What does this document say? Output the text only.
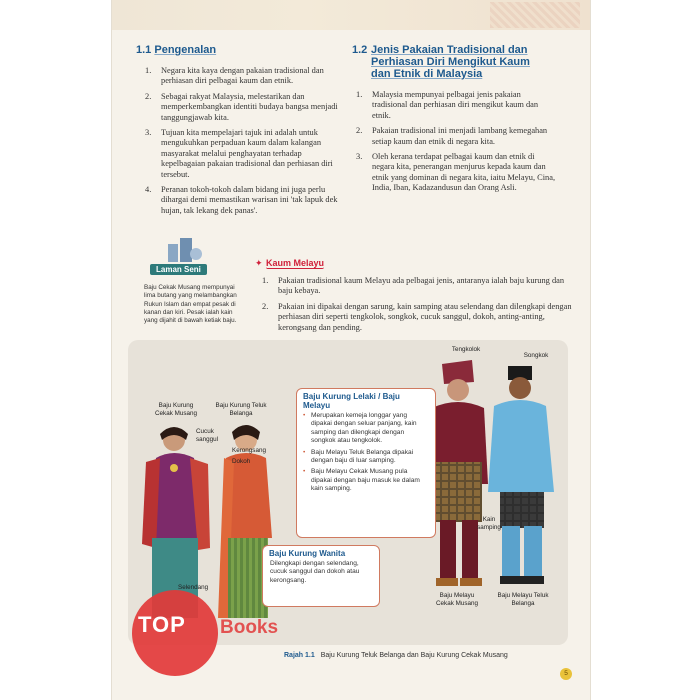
1.1 Pengenalan
1.	Negara kita kaya dengan pakaian tradisional dan perhiasan diri pelbagai kaum dan etnik.
2.	Sebagai rakyat Malaysia, melestarikan dan memperkembangkan identiti budaya bangsa menjadi tanggungjawab kita.
3.	Tujuan kita mempelajari tajuk ini adalah untuk mengukuhkan perpaduan kaum dalam kalangan masyarakat melalui penghayatan terhadap kepelbagaian pakaian tradisional dan perhiasan diri tersebut.
4.	Peranan tokoh-tokoh dalam bidang ini juga perlu dihargai demi memastikan warisan ini 'tak lapuk dek hujan, tak lekang dek panas'.
1.2 Jenis Pakaian Tradisional dan Perhiasan Diri Mengikut Kaum dan Etnik di Malaysia
1.	Malaysia mempunyai pelbagai jenis pakaian tradisional dan perhiasan diri mengikut kaum dan etnik.
2.	Pakaian tradisional ini menjadi lambang kemegahan setiap kaum dan etnik di negara kita.
3.	Oleh kerana terdapat pelbagai kaum dan etnik di negara kita, penerangan menjurus kepada kaum dan etnik yang dominan di negara kita, iaitu Melayu, Cina, India, Iban, Kadazandusun dan Orang Asli.
Laman Seni
Baju Cekak Musang mempunyai lima butang yang melambangkan Rukun Islam dan empat pesak di kanan dan kiri. Pesak ialah kain yang dijahit di bawah ketiak baju.
✦ Kaum Melayu
1.	Pakaian tradisional kaum Melayu ada pelbagai jenis, antaranya ialah baju kurung dan baju kebaya.
2.	Pakaian ini dipakai dengan sarung, kain samping atau selendang dan dilengkapi dengan perhiasan diri seperti tengkolok, songkok, cucuk sanggul, dokoh, anting-anting, kerongsang dan pending.
Baju Kurung Lelaki / Baju Melayu
• Merupakan kemeja longgar yang dipakai dengan seluar panjang, kain samping dan dilengkapi dengan songkok atau tengkolok.
• Baju Melayu Teluk Belanga dipakai dengan baju di luar samping.
• Baju Melayu Cekak Musang pula dipakai dengan baju masuk ke dalam kain samping.
Baju Kurung Wanita
Dilengkapi dengan selendang, cucuk sanggul dan dokoh atau kerongsang.
Baju Kurung Cekak Musang
Baju Kurung Teluk Belanga
Cucuk sanggul
Kerongsang
Dokoh
Selendang
Tengkolok
Songkok
Kain samping
Baju Melayu Cekak Musang
Baju Melayu Teluk Belanga
Rajah 1.1 Baju Kurung Teluk Belanga dan Baju Kurung Cekak Musang
5
TOP Books
